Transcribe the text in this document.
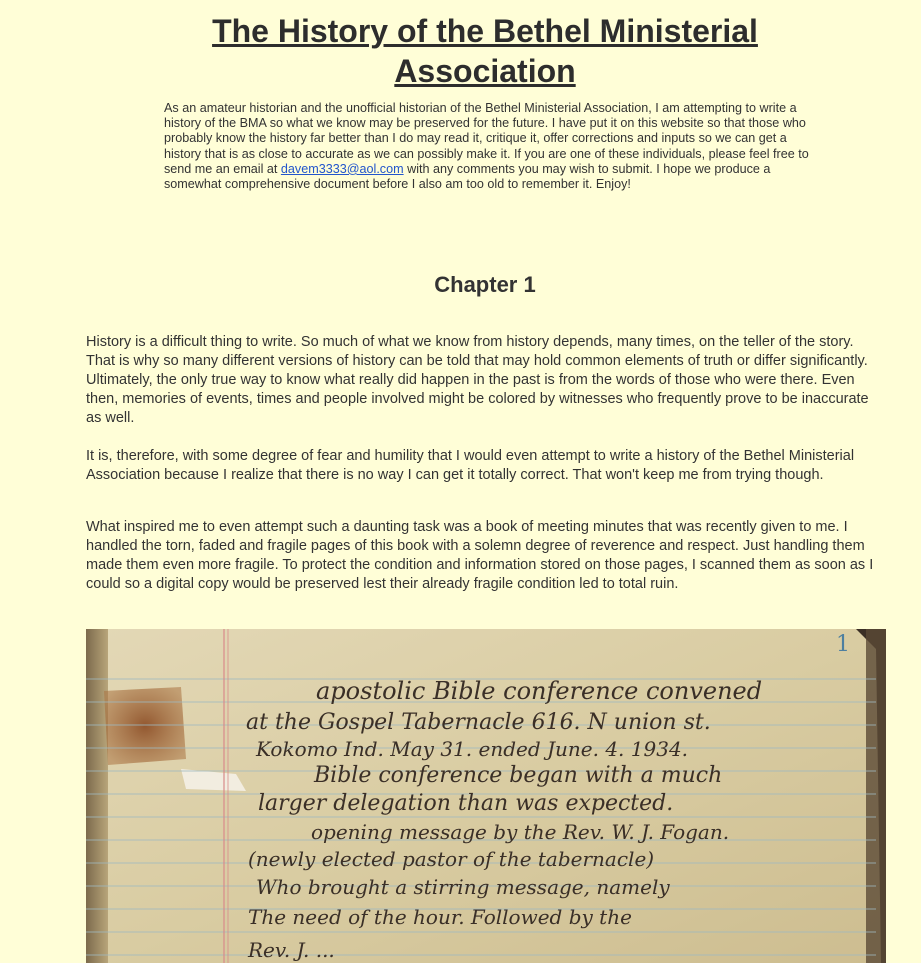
The History of the Bethel Ministerial Association

As an amateur historian and the unofficial historian of the Bethel Ministerial Association, I am attempting to write a history of the BMA so what we know may be preserved for the future. I have put it on this website so that those who probably know the history far better than I do may read it, critique it, offer corrections and inputs so we can get a history that is as close to accurate as we can possibly make it. If you are one of these individuals, please feel free to send me an email at davem3333@aol.com with any comments you may wish to submit. I hope we produce a somewhat comprehensive document before I also am too old to remember it. Enjoy!

Chapter 1

History is a difficult thing to write. So much of what we know from history depends, many times, on the teller of the story. That is why so many different versions of history can be told that may hold common elements of truth or differ significantly. Ultimately, the only true way to know what really did happen in the past is from the words of those who were there. Even then, memories of events, times and people involved might be colored by witnesses who frequently prove to be inaccurate as well.

It is, therefore, with some degree of fear and humility that I would even attempt to write a history of the Bethel Ministerial Association because I realize that there is no way I can get it totally correct. That won't keep me from trying though.

What inspired me to even attempt such a daunting task was a book of meeting minutes that was recently given to me. I handled the torn, faded and fragile pages of this book with a solemn degree of reverence and respect. Just handling them made them even more fragile. To protect the condition and information stored on those pages, I scanned them as soon as I could so a digital copy would be preserved lest their already fragile condition led to total ruin.

1
apostolic Bible conference convened
at the Gospel Tabernacle 616. N union st.
Kokomo Ind. May 31. ended June. 4. 1934.
Bible conference began with a much
larger delegation than was expected.
opening message by the Rev. W. J. Fogan.
(newly elected pastor of the tabernacle)
Who brought a stirring message, namely
The need of the hour. Followed by the
Rev. J. ...
